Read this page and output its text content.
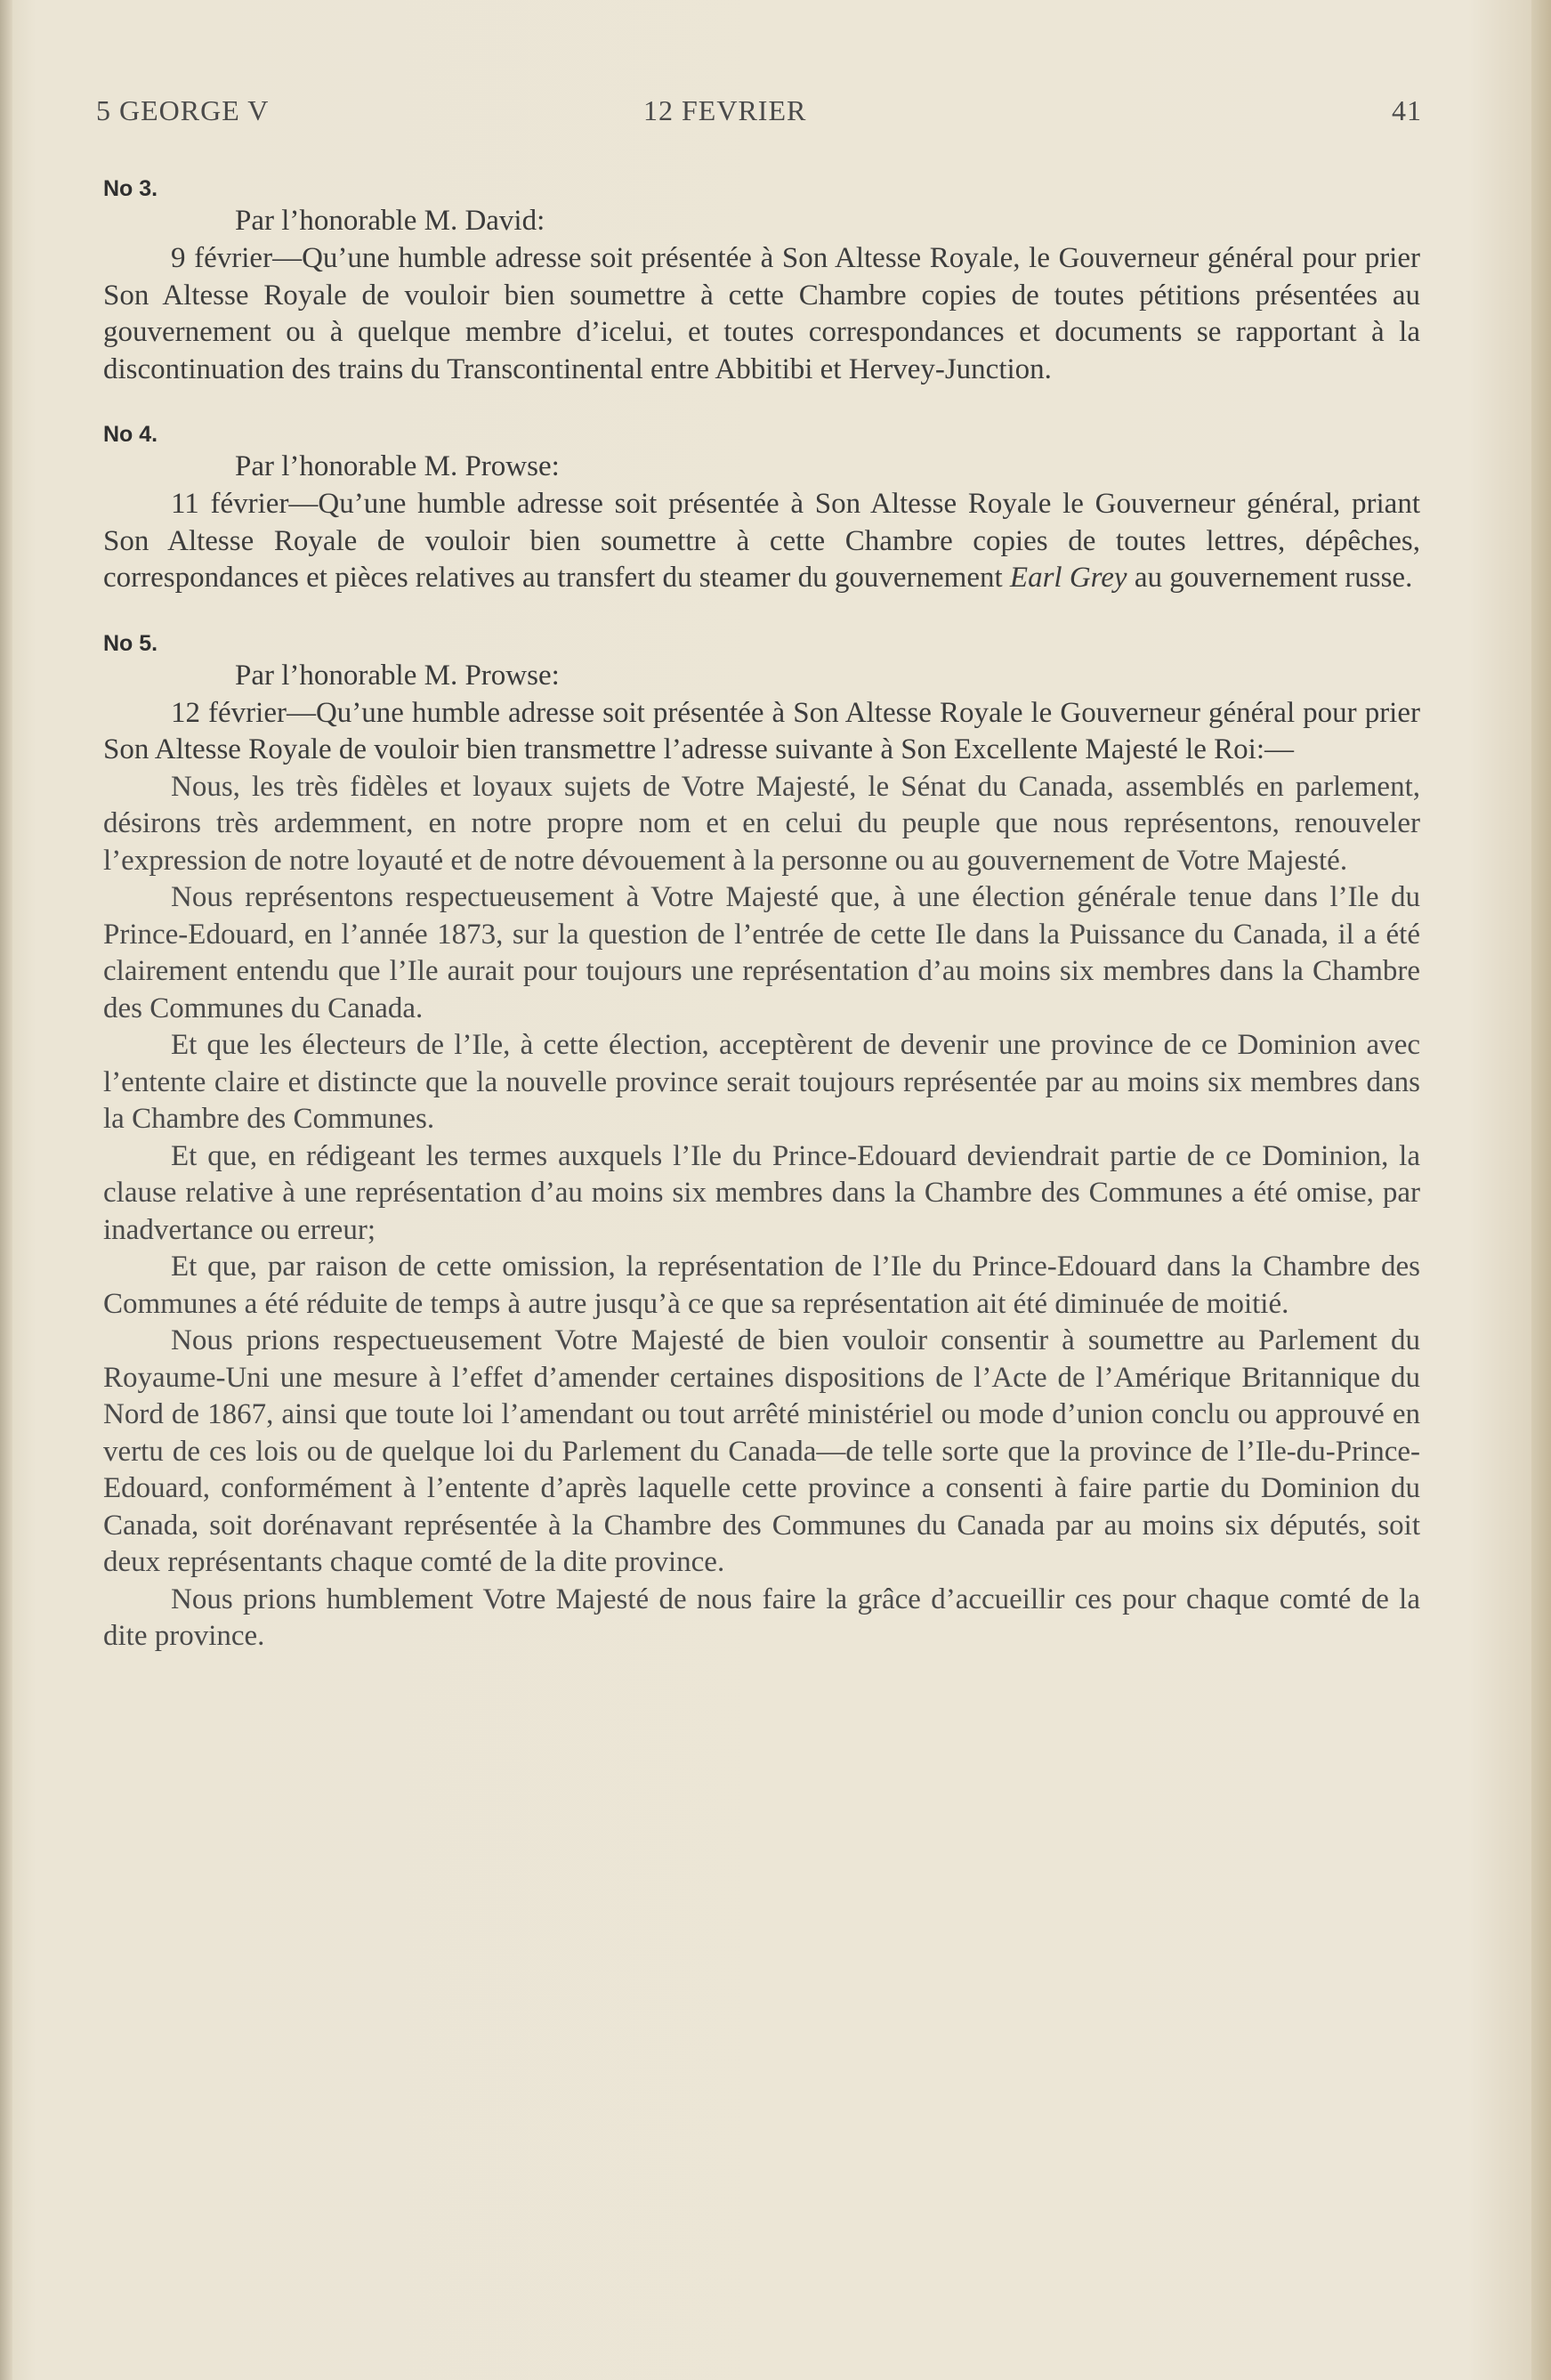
5 GEORGE V	12 FEVRIER	41
No 3.
Par l’honorable M. David:

9 février—Qu’une humble adresse soit présentée à Son Altesse Royale, le Gouverneur général pour prier Son Altesse Royale de vouloir bien soumettre à cette Chambre copies de toutes pétitions présentées au gouvernement ou à quelque membre d’icelui, et toutes correspondances et documents se rapportant à la discontinuation des trains du Transcontinental entre Abbitibi et Hervey-Junction.

No 4.
Par l’honorable M. Prowse:

11 février—Qu’une humble adresse soit présentée à Son Altesse Royale le Gouverneur général, priant Son Altesse Royale de vouloir bien soumettre à cette Chambre copies de toutes lettres, dépêches, correspondances et pièces relatives au transfert du steamer du gouvernement Earl Grey au gouvernement russe.

No 5.
Par l’honorable M. Prowse:

12 février—Qu’une humble adresse soit présentée à Son Altesse Royale le Gouverneur général pour prier Son Altesse Royale de vouloir bien transmettre l’adresse suivante à Son Excellente Majesté le Roi:—

Nous, les très fidèles et loyaux sujets de Votre Majesté, le Sénat du Canada, assemblés en parlement, désirons très ardemment, en notre propre nom et en celui du peuple que nous représentons, renouveler l’expression de notre loyauté et de notre dévouement à la personne ou au gouvernement de Votre Majesté.

Nous représentons respectueusement à Votre Majesté que, à une élection générale tenue dans l’Ile du Prince-Edouard, en l’année 1873, sur la question de l’entrée de cette Ile dans la Puissance du Canada, il a été clairement entendu que l’Ile aurait pour toujours une représentation d’au moins six membres dans la Chambre des Communes du Canada.

Et que les électeurs de l’Ile, à cette élection, acceptèrent de devenir une province de ce Dominion avec l’entente claire et distincte que la nouvelle province serait toujours représentée par au moins six membres dans la Chambre des Communes.

Et que, en rédigeant les termes auxquels l’Ile du Prince-Edouard deviendrait partie de ce Dominion, la clause relative à une représentation d’au moins six membres dans la Chambre des Communes a été omise, par inadvertance ou erreur;

Et que, par raison de cette omission, la représentation de l’Ile du Prince-Edouard dans la Chambre des Communes a été réduite de temps à autre jusqu’à ce que sa représentation ait été diminuée de moitié.

Nous prions respectueusement Votre Majesté de bien vouloir consentir à soumettre au Parlement du Royaume-Uni une mesure à l’effet d’amender certaines dispositions de l’Acte de l’Amérique Britannique du Nord de 1867, ainsi que toute loi l’amendant ou tout arrêté ministériel ou mode d’union conclu ou approuvé en vertu de ces lois ou de quelque loi du Parlement du Canada—de telle sorte que la province de l’Ile-du-Prince-Edouard, conformément à l’entente d’après laquelle cette province a consenti à faire partie du Dominion du Canada, soit dorénavant représentée à la Chambre des Communes du Canada par au moins six députés, soit deux représentants chaque comté de la dite province.

Nous prions humblement Votre Majesté de nous faire la grâce d’accueillir ces pour chaque comté de la dite province.
